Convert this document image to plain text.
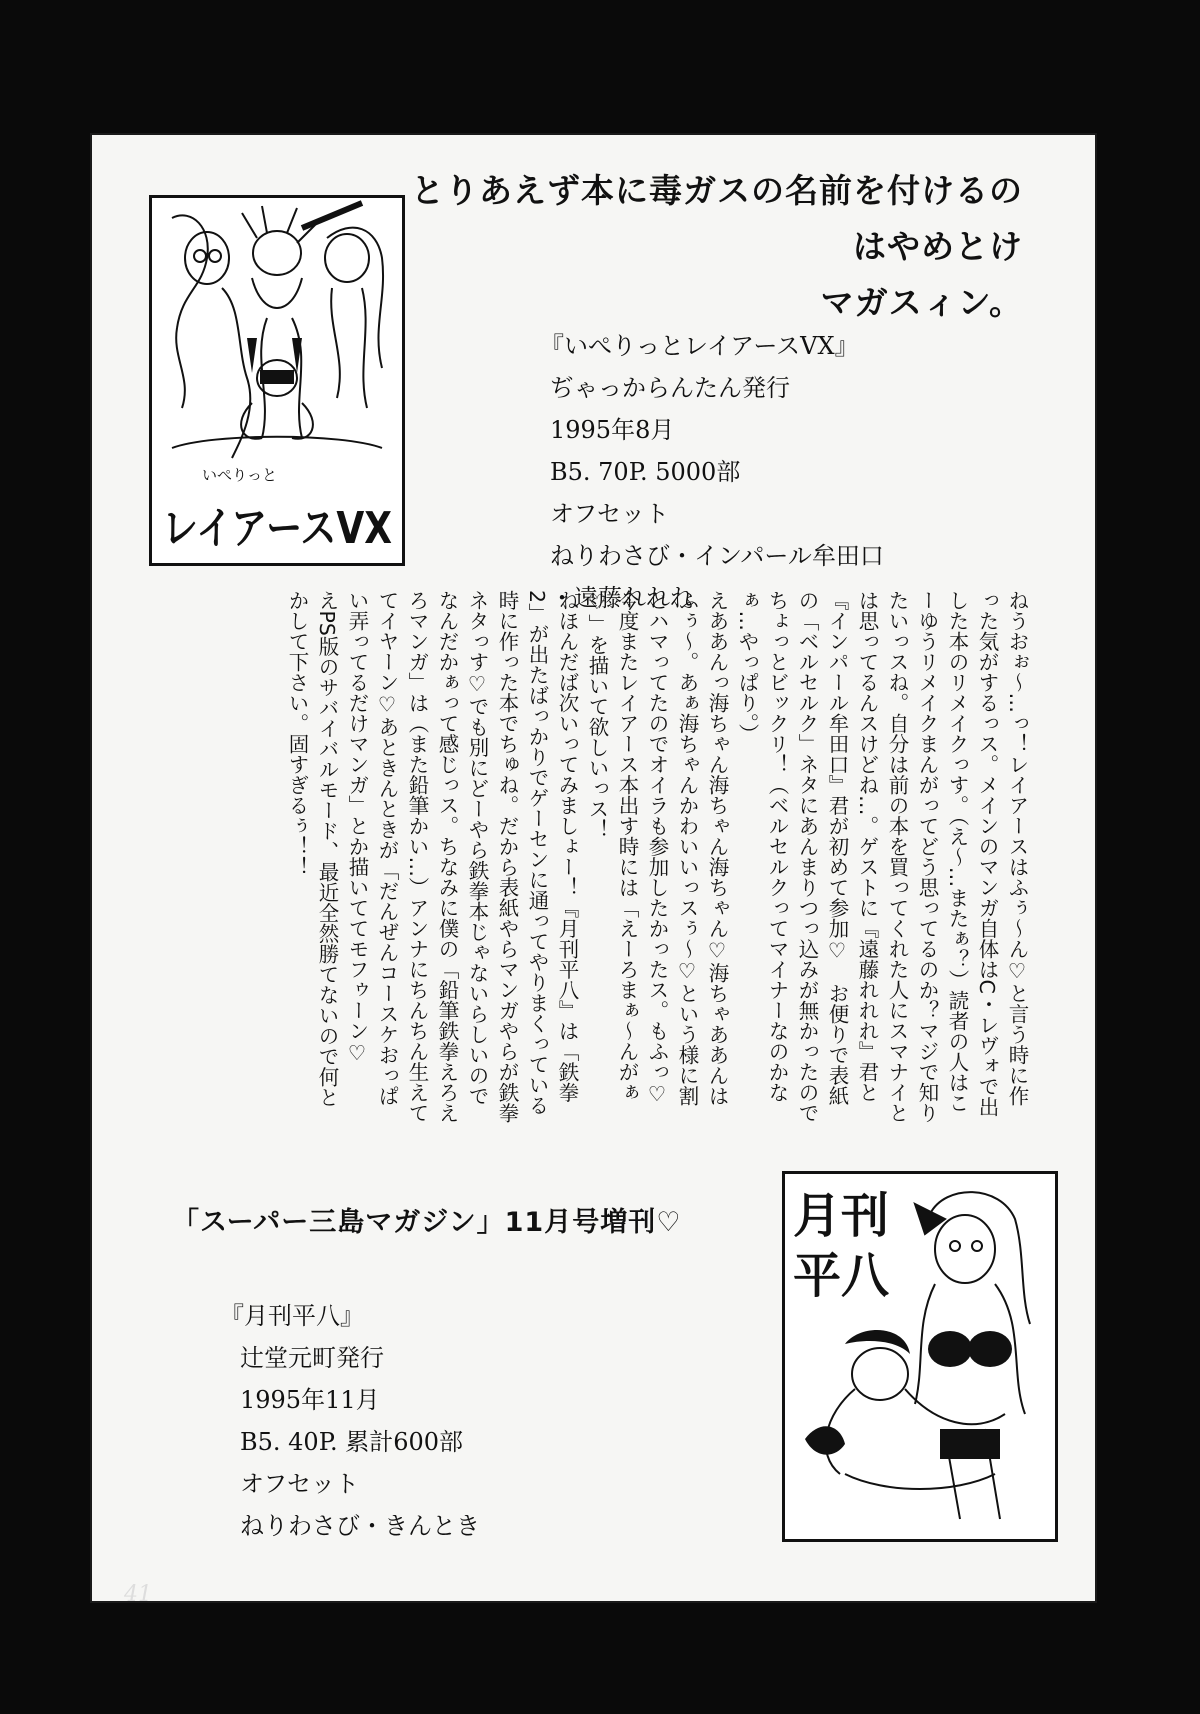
とりあえず本に毒ガスの名前を付けるのはやめとけ
マガスィン。
いぺりっと
レイアースVX
『いぺりっとレイアースVX』
ぢゃっからんたん発行
1995年8月
B5. 70P. 5000部
オフセット
ねりわさび・インパール牟田口
・遠藤れれれ	ねうおぉ～…っ！レイアースはふぅ～ん♡と言う時に作った気がするっス。メインのマンガ自体はC・レヴォで出した本のリメイクっす。（え～…またぁ？）読者の人はこーゆうリメイクまんがってどう思ってるのか？マジで知りたいっスね。自分は前の本を買ってくれた人にスマナイとは思ってるんスけどね…。ゲストに『遠藤れれれ』君と『インパール牟田口』君が初めて参加♡　お便りで表紙の「ベルセルク」ネタにあんまりつっ込みが無かったのでちょっとビックリ！（ベルセルクってマイナーなのかなぁ…やっぱり。）

えああんっ海ちゃん海ちゃん海ちゃん♡海ちゃああんはふぅ～。あぁ海ちゃんかわいいっスぅ～♡という様に割とハマってたのでオイラも参加したかったス。もふっ♡今度またレイアース本出す時には「えーろまぁ～んがぁ♡」を描いて欲しいっス！

ねほんだば次いってみましょー！『月刊平八』は「鉄拳2」が出たばっかりでゲーセンに通ってやりまくっている時に作った本でちゅね。だから表紙やらマンガやらが鉄拳ネタっす♡でも別にどーやら鉄拳本じゃないらしいのでなんだかぁって感じっス。ちなみに僕の「鉛筆鉄拳えろえろマンガ」は（また鉛筆かい…）アンナにちんちん生えててイヤーン♡あときんときが「だんぜんコースケおっぱい弄ってるだけマンガ」とか描いててモフゥーン♡

えPS版のサバイバルモード、最近全然勝てないので何とかして下さい。固すぎるぅ！！

「スーパー三島マガジン」11月号増刊♡
『月刊平八』
辻堂元町発行
1995年11月
B5. 40P. 累計600部
オフセット
ねりわさび・きんとき
月刊
平八
41
